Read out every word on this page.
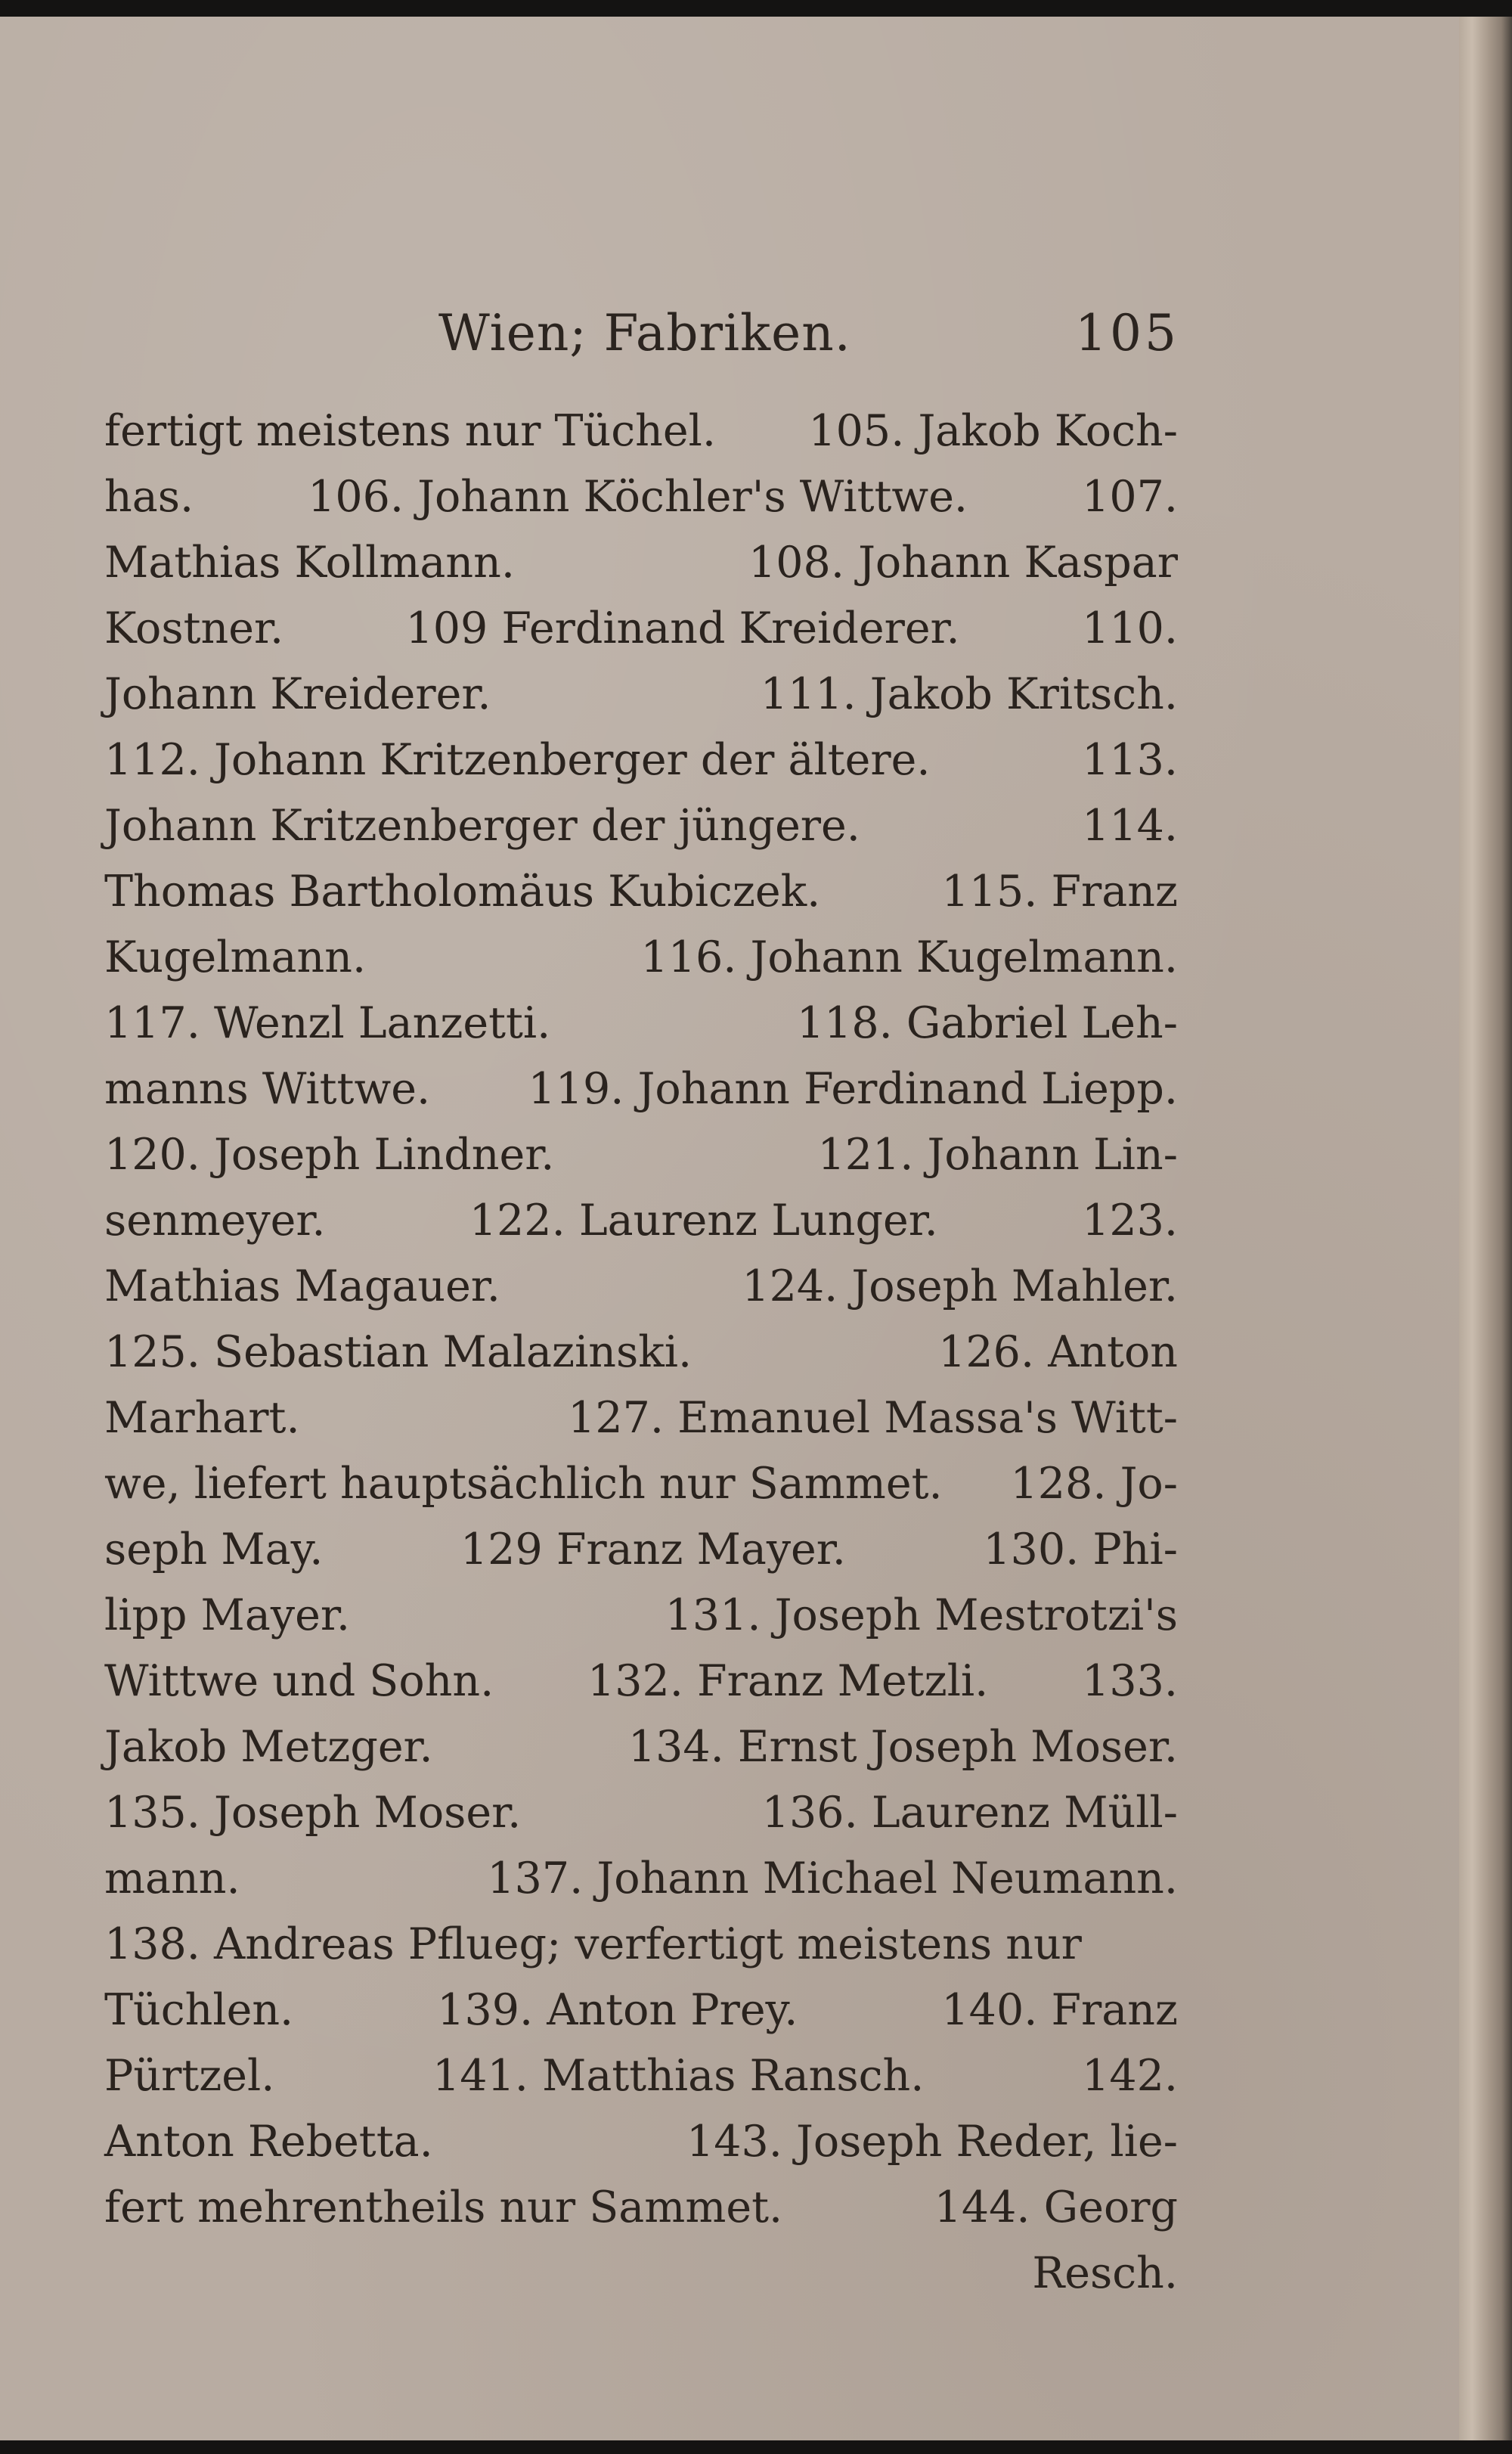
Wien; Fabriken.	105
fertigt meistens nur Tüchel. 105. Jakob Koch-
has.	106. Johann Köchler's Wittwe.	107.
Mathias Kollmann.	108. Johann Kaspar
Kostner.	109 Ferdinand Kreiderer.	110.
Johann Kreiderer.	111. Jakob Kritsch.
112. Johann Kritzenberger der ältere.	113.
Johann Kritzenberger der jüngere.	114.
Thomas Bartholomäus Kubiczek.	115. Franz
Kugelmann.	116. Johann Kugelmann.
117. Wenzl Lanzetti.	118. Gabriel Leh-
manns Wittwe. 119. Johann Ferdinand Liepp.
120. Joseph Lindner.	121. Johann Lin-
senmeyer.	122. Laurenz Lunger.	123.
Mathias Magauer.	124. Joseph Mahler.
125. Sebastian Malazinski.	126. Anton
Marhart.	127. Emanuel Massa's Witt-
we, liefert hauptsächlich nur Sammet. 128. Jo-
seph May.	129 Franz Mayer.	130. Phi-
lipp Mayer.	131. Joseph Mestrotzi's
Wittwe und Sohn. 132. Franz Metzli. 133.
Jakob Metzger.	134. Ernst Joseph Moser.
135. Joseph Moser.	136. Laurenz Müll-
mann.	137. Johann Michael Neumann.
138. Andreas Pflueg; verfertigt meistens nur
Tüchlen.	139. Anton Prey.	140. Franz
Pürtzel.	141. Matthias Ransch.	142.
Anton Rebetta.	143. Joseph Reder, lie-
fert mehrentheils nur Sammet.	144. Georg
Resch.
